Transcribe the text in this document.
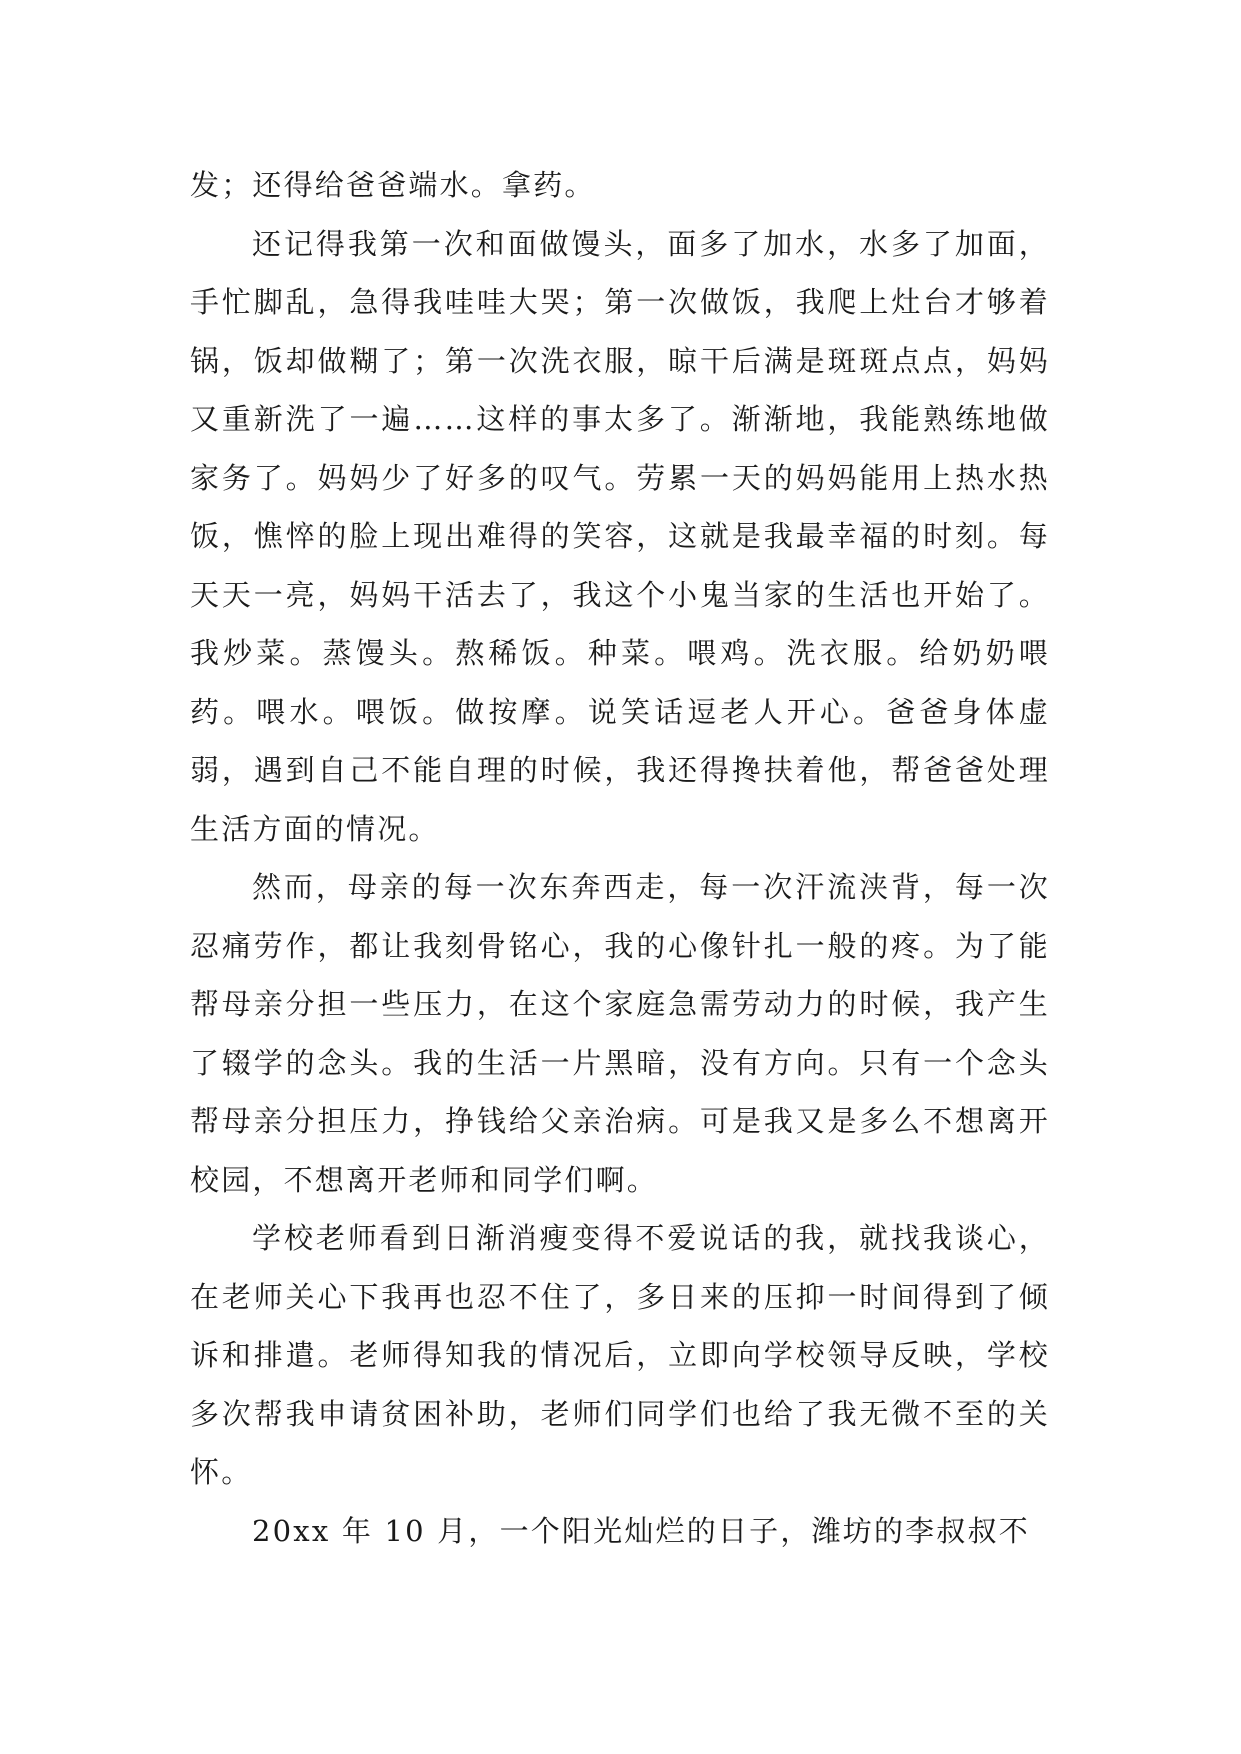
发；还得给爸爸端水。拿药。

还记得我第一次和面做馒头，面多了加水，水多了加面，手忙脚乱，急得我哇哇大哭；第一次做饭，我爬上灶台才够着锅，饭却做糊了；第一次洗衣服，晾干后满是斑斑点点，妈妈又重新洗了一遍……这样的事太多了。渐渐地，我能熟练地做家务了。妈妈少了好多的叹气。劳累一天的妈妈能用上热水热饭，憔悴的脸上现出难得的笑容，这就是我最幸福的时刻。每天天一亮，妈妈干活去了，我这个小鬼当家的生活也开始了。我炒菜。蒸馒头。熬稀饭。种菜。喂鸡。洗衣服。给奶奶喂药。喂水。喂饭。做按摩。说笑话逗老人开心。爸爸身体虚弱，遇到自己不能自理的时候，我还得搀扶着他，帮爸爸处理生活方面的情况。

然而，母亲的每一次东奔西走，每一次汗流浃背，每一次忍痛劳作，都让我刻骨铭心，我的心像针扎一般的疼。为了能帮母亲分担一些压力，在这个家庭急需劳动力的时候，我产生了辍学的念头。我的生活一片黑暗，没有方向。只有一个念头帮母亲分担压力，挣钱给父亲治病。可是我又是多么不想离开校园，不想离开老师和同学们啊。

学校老师看到日渐消瘦变得不爱说话的我，就找我谈心，在老师关心下我再也忍不住了，多日来的压抑一时间得到了倾诉和排遣。老师得知我的情况后，立即向学校领导反映，学校多次帮我申请贫困补助，老师们同学们也给了我无微不至的关怀。

20xx 年 10 月，一个阳光灿烂的日子，潍坊的李叔叔不
